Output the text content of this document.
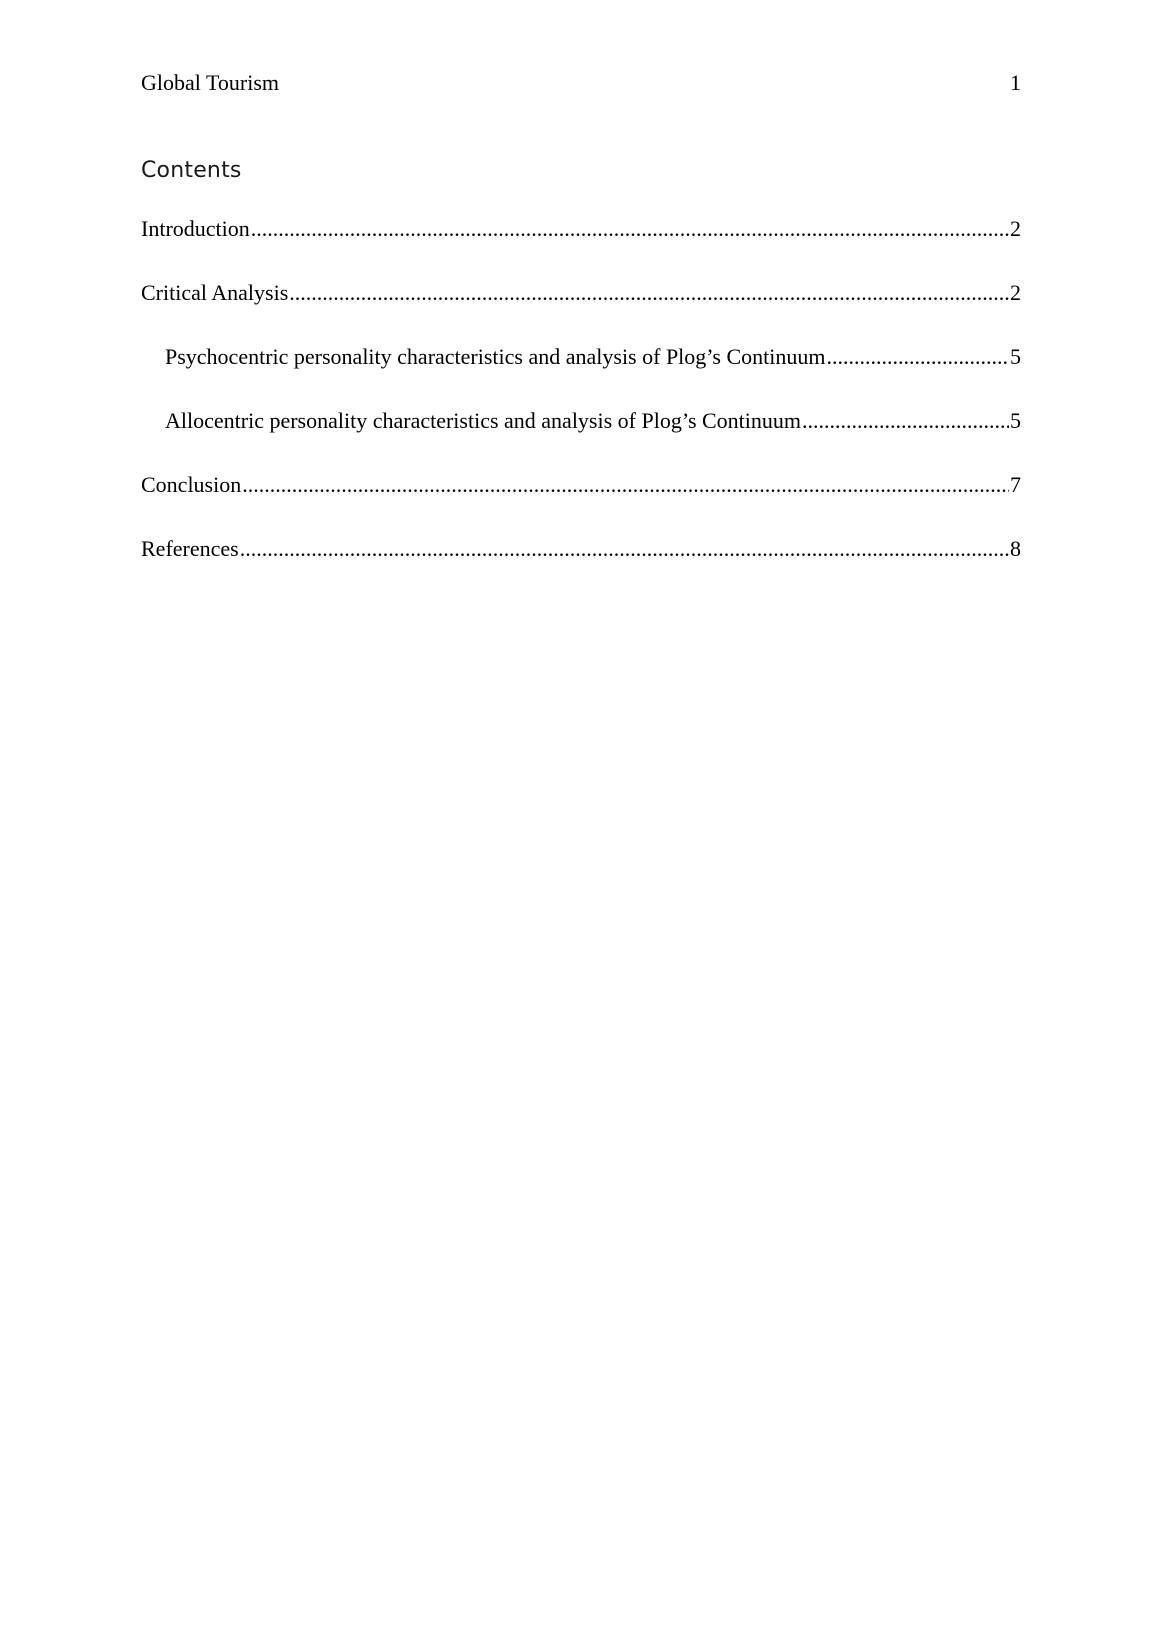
Global Tourism	1
Contents
Introduction .....	2
Critical Analysis .....	2
Psychocentric personality characteristics and analysis of Plog’s Continuum .....	5
Allocentric personality characteristics and analysis of Plog’s Continuum .....	5
Conclusion .....	7
References .....	8
